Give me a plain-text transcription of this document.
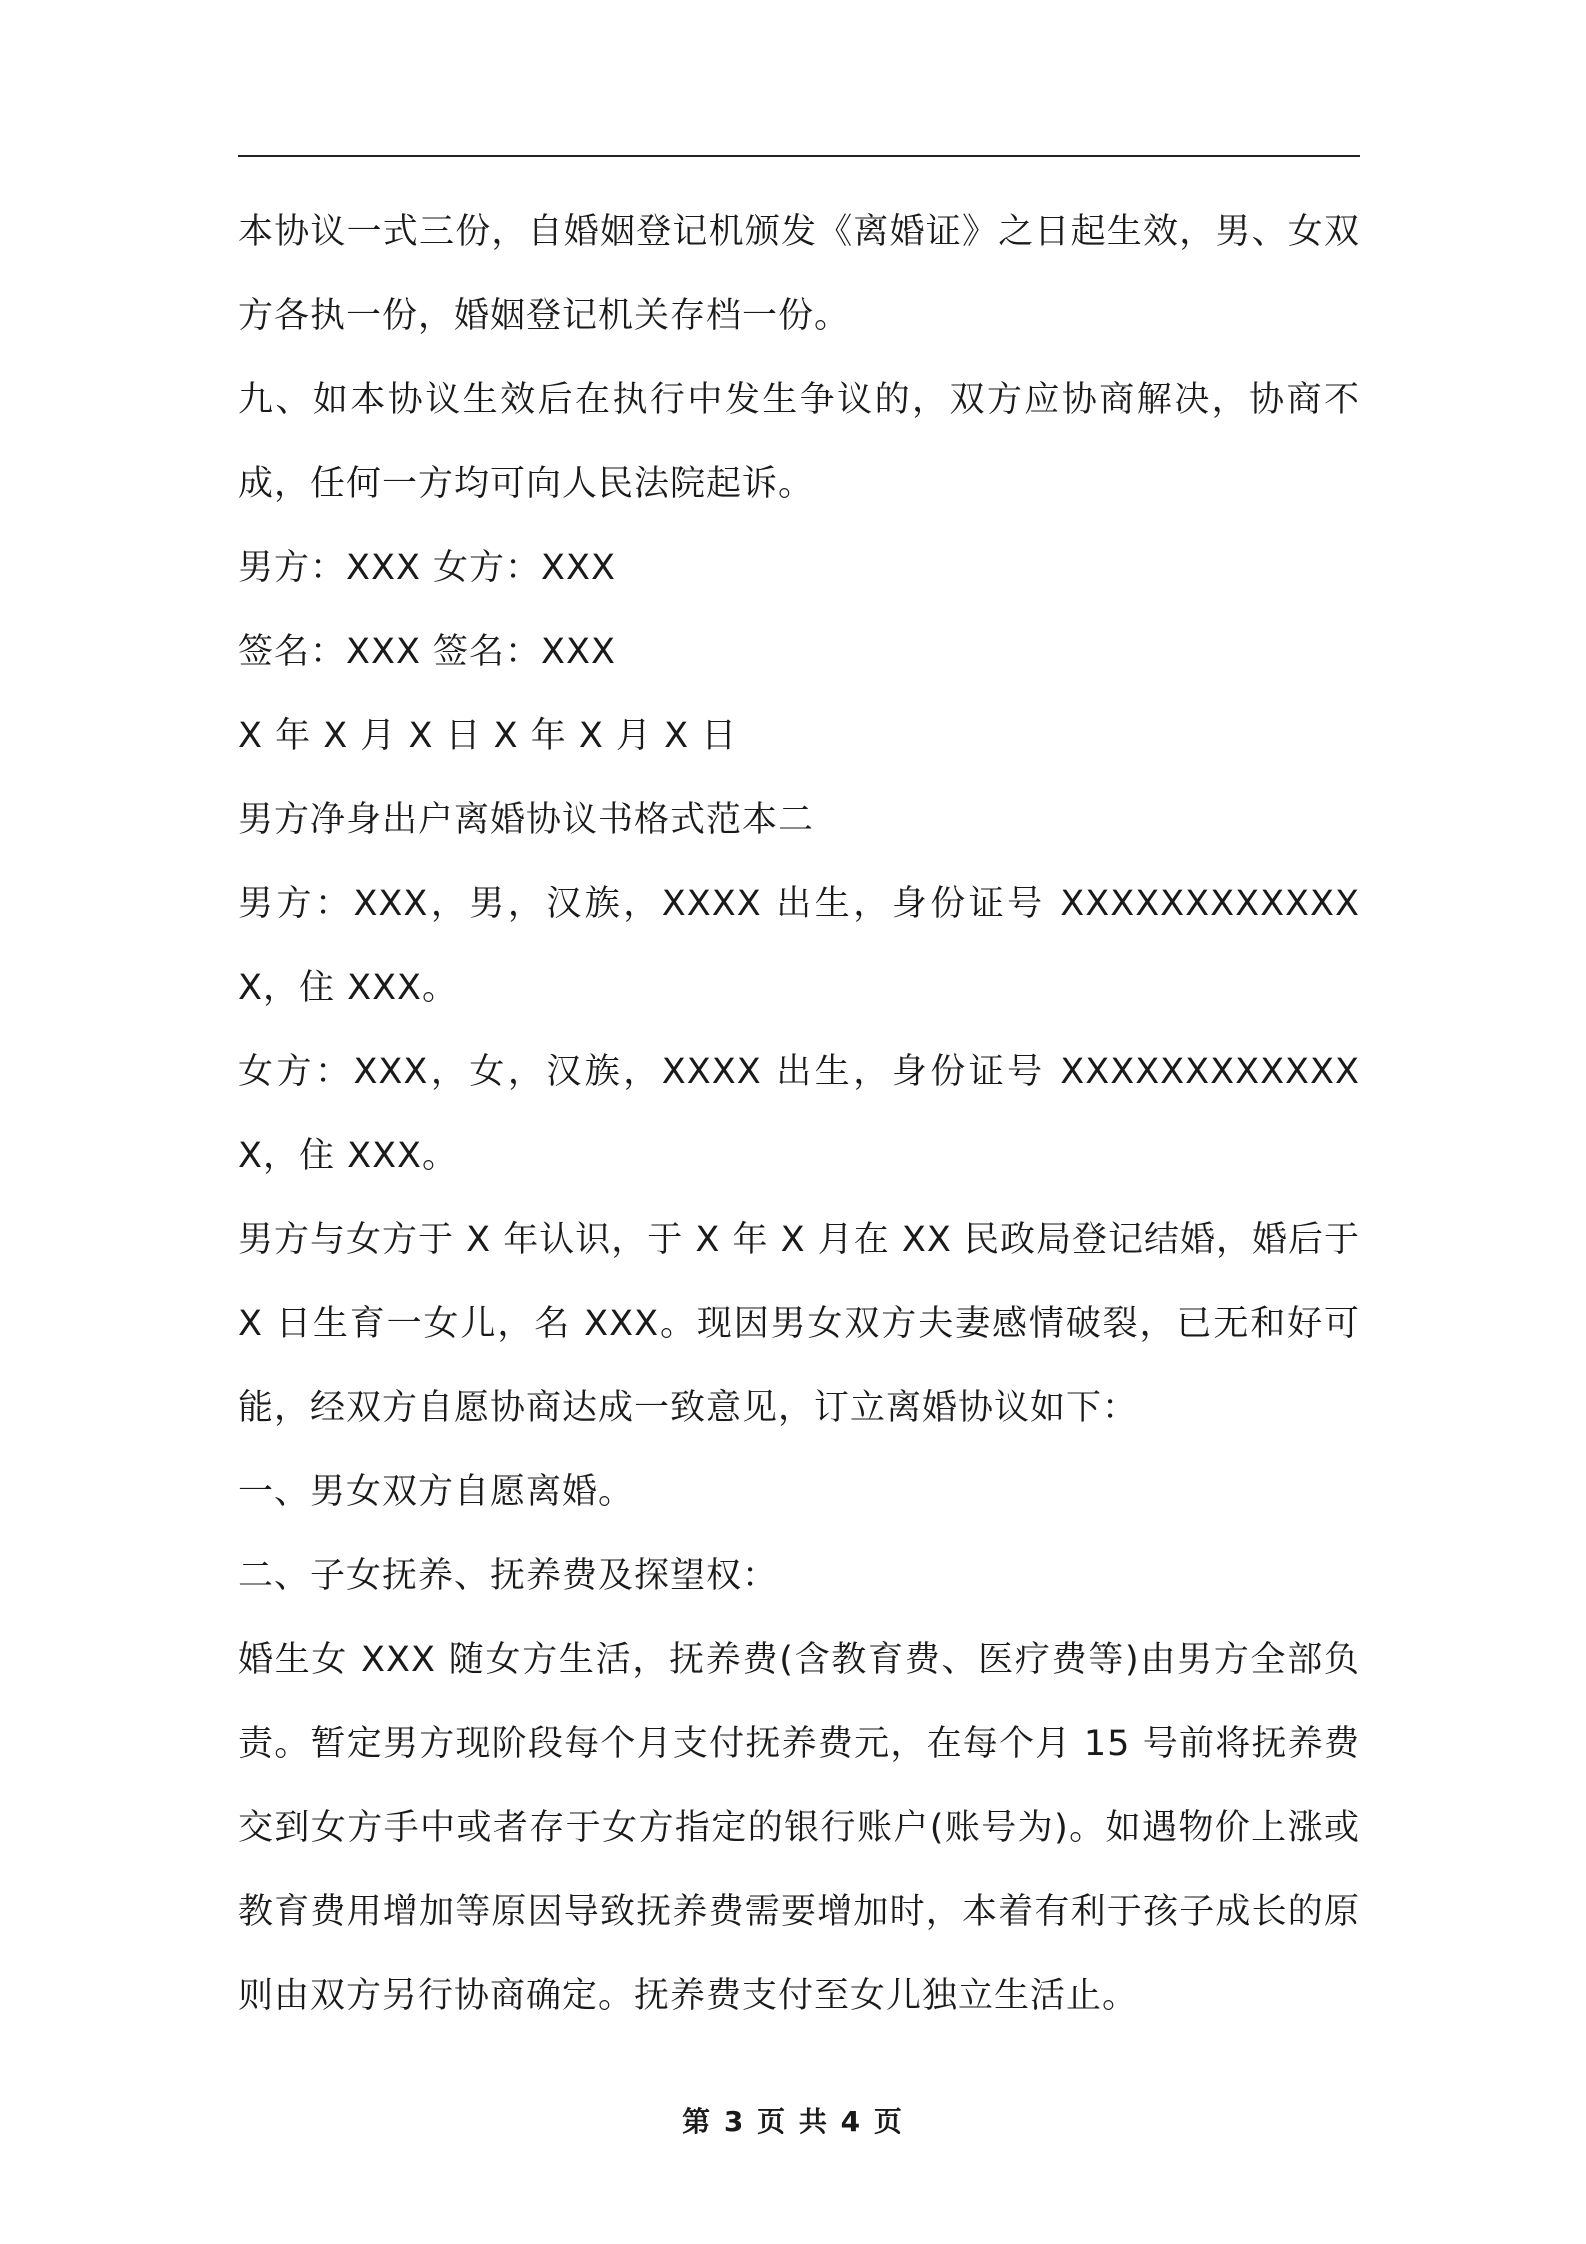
本协议一式三份，自婚姻登记机颁发《离婚证》之日起生效，男、女双方各执一份，婚姻登记机关存档一份。

九、如本协议生效后在执行中发生争议的，双方应协商解决，协商不成，任何一方均可向人民法院起诉。

男方：XXX 女方：XXX

签名：XXX 签名：XXX

X 年 X 月 X 日 X 年 X 月 X 日

男方净身出户离婚协议书格式范本二

男方：XXX，男，汉族，XXXX 出生，身份证号 XXXXXXXXXXXXX，住 XXX。

女方：XXX，女，汉族，XXXX 出生，身份证号 XXXXXXXXXXXXX，住 XXX。

男方与女方于 X 年认识，于 X 年 X 月在 XX 民政局登记结婚，婚后于 X 日生育一女儿，名 XXX。现因男女双方夫妻感情破裂，已无和好可能，经双方自愿协商达成一致意见，订立离婚协议如下：

一、男女双方自愿离婚。

二、子女抚养、抚养费及探望权：

婚生女 XXX 随女方生活，抚养费(含教育费、医疗费等)由男方全部负责。暂定男方现阶段每个月支付抚养费元，在每个月 15 号前将抚养费交到女方手中或者存于女方指定的银行账户(账号为)。如遇物价上涨或教育费用增加等原因导致抚养费需要增加时，本着有利于孩子成长的原则由双方另行协商确定。抚养费支付至女儿独立生活止。

第 3 页 共 4 页
